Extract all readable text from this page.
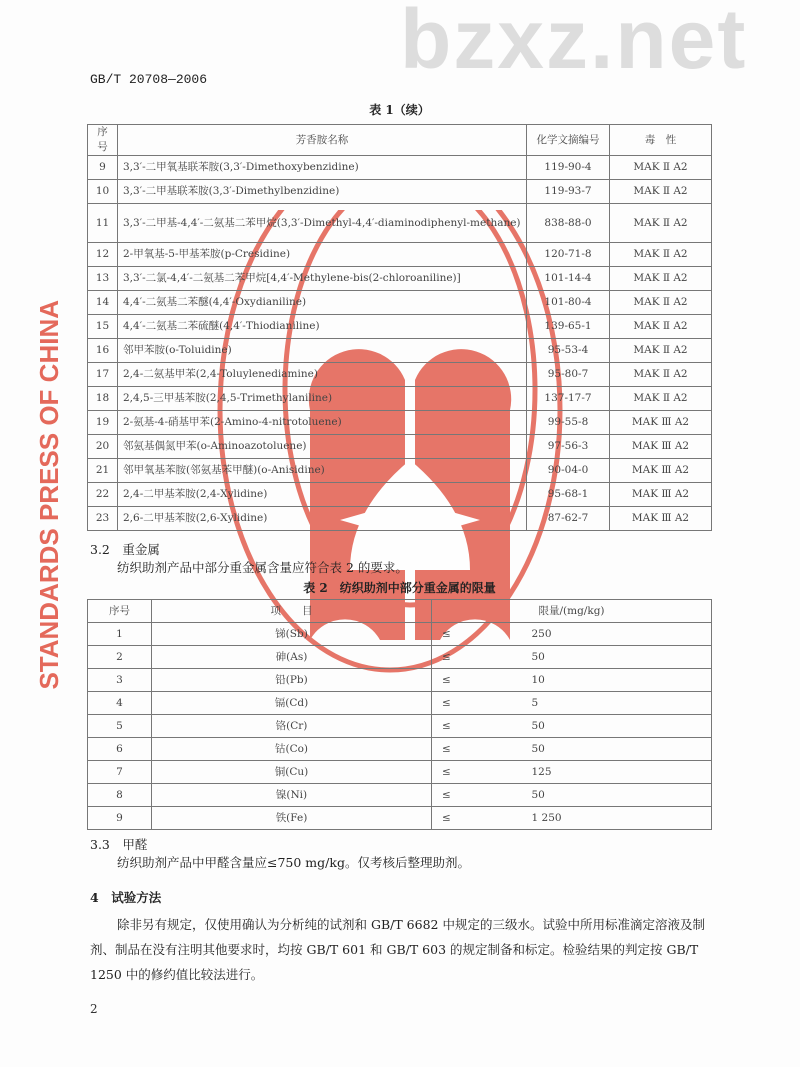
bzxz.net
STANDARDS PRESS OF CHINA
GB/T 20708—2006
表 1（续）
序号	芳香胺名称	化学文摘编号	毒　性
9	3,3′-二甲氧基联苯胺(3,3′-Dimethoxybenzidine)	119-90-4	MAK Ⅱ A2
10	3,3′-二甲基联苯胺(3,3′-Dimethylbenzidine)	119-93-7	MAK Ⅱ A2
11	3,3′-二甲基-4,4′-二氨基二苯甲烷(3,3′-Dimethyl-4,4′-diaminodiphenyl-methane)	838-88-0	MAK Ⅱ A2
12	2-甲氧基-5-甲基苯胺(p-Cresidine)	120-71-8	MAK Ⅱ A2
13	3,3′-二氯-4,4′-二氨基二苯甲烷[4,4′-Methylene-bis(2-chloroaniline)]	101-14-4	MAK Ⅱ A2
14	4,4′-二氨基二苯醚(4,4′-Oxydianiline)	101-80-4	MAK Ⅱ A2
15	4,4′-二氨基二苯硫醚(4,4′-Thiodianiline)	139-65-1	MAK Ⅱ A2
16	邻甲苯胺(o-Toluidine)	95-53-4	MAK Ⅱ A2
17	2,4-二氨基甲苯(2,4-Toluylenediamine)	95-80-7	MAK Ⅱ A2
18	2,4,5-三甲基苯胺(2,4,5-Trimethylaniline)	137-17-7	MAK Ⅱ A2
19	2-氨基-4-硝基甲苯(2-Amino-4-nitrotoluene)	99-55-8	MAK Ⅲ A2
20	邻氨基偶氮甲苯(o-Aminoazotoluene)	97-56-3	MAK Ⅲ A2
21	邻甲氧基苯胺(邻氨基苯甲醚)(o-Anisidine)	90-04-0	MAK Ⅲ A2
22	2,4-二甲基苯胺(2,4-Xylidine)	95-68-1	MAK Ⅲ A2
23	2,6-二甲基苯胺(2,6-Xylidine)	87-62-7	MAK Ⅲ A2
3.2　重金属
纺织助剂产品中部分重金属含量应符合表 2 的要求。
表 2　纺织助剂中部分重金属的限量
序号	项　　目	限量/(mg/kg)	
1	锑(Sb)	≤	250
2	砷(As)	≤	50
3	铅(Pb)	≤	10
4	镉(Cd)	≤	5
5	铬(Cr)	≤	50
6	钴(Co)	≤	50
7	铜(Cu)	≤	125
8	镍(Ni)	≤	50
9	铁(Fe)	≤	1 250
3.3　甲醛
纺织助剂产品中甲醛含量应≤750 mg/kg。仅考核后整理助剂。
4　试验方法
除非另有规定，仅使用确认为分析纯的试剂和 GB/T 6682 中规定的三级水。试验中所用标准滴定溶液及制剂、制品在没有注明其他要求时，均按 GB/T 601 和 GB/T 603 的规定制备和标定。检验结果的判定按 GB/T 1250 中的修约值比较法进行。
2
